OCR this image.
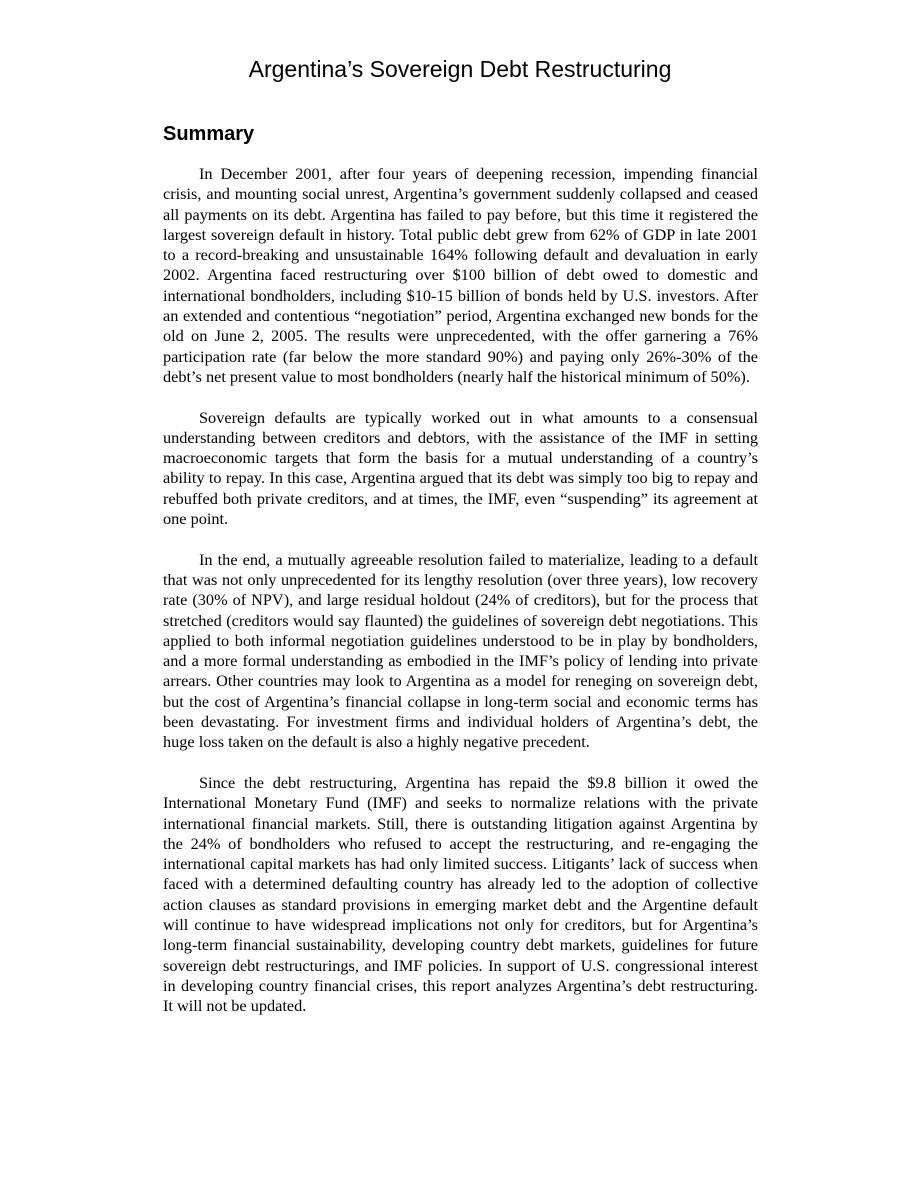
Argentina’s Sovereign Debt Restructuring
Summary

In December 2001, after four years of deepening recession, impending financial crisis, and mounting social unrest, Argentina’s government suddenly collapsed and ceased all payments on its debt. Argentina has failed to pay before, but this time it registered the largest sovereign default in history. Total public debt grew from 62% of GDP in late 2001 to a record-breaking and unsustainable 164% following default and devaluation in early 2002. Argentina faced restructuring over $100 billion of debt owed to domestic and international bondholders, including $10-15 billion of bonds held by U.S. investors. After an extended and contentious “negotiation” period, Argentina exchanged new bonds for the old on June 2, 2005. The results were unprecedented, with the offer garnering a 76% participation rate (far below the more standard 90%) and paying only 26%-30% of the debt’s net present value to most bondholders (nearly half the historical minimum of 50%).

Sovereign defaults are typically worked out in what amounts to a consensual understanding between creditors and debtors, with the assistance of the IMF in setting macroeconomic targets that form the basis for a mutual understanding of a country’s ability to repay. In this case, Argentina argued that its debt was simply too big to repay and rebuffed both private creditors, and at times, the IMF, even “suspending” its agreement at one point.

In the end, a mutually agreeable resolution failed to materialize, leading to a default that was not only unprecedented for its lengthy resolution (over three years), low recovery rate (30% of NPV), and large residual holdout (24% of creditors), but for the process that stretched (creditors would say flaunted) the guidelines of sovereign debt negotiations. This applied to both informal negotiation guidelines understood to be in play by bondholders, and a more formal understanding as embodied in the IMF’s policy of lending into private arrears. Other countries may look to Argentina as a model for reneging on sovereign debt, but the cost of Argentina’s financial collapse in long-term social and economic terms has been devastating. For investment firms and individual holders of Argentina’s debt, the huge loss taken on the default is also a highly negative precedent.

Since the debt restructuring, Argentina has repaid the $9.8 billion it owed the International Monetary Fund (IMF) and seeks to normalize relations with the private international financial markets. Still, there is outstanding litigation against Argentina by the 24% of bondholders who refused to accept the restructuring, and re-engaging the international capital markets has had only limited success. Litigants’ lack of success when faced with a determined defaulting country has already led to the adoption of collective action clauses as standard provisions in emerging market debt and the Argentine default will continue to have widespread implications not only for creditors, but for Argentina’s long-term financial sustainability, developing country debt markets, guidelines for future sovereign debt restructurings, and IMF policies. In support of U.S. congressional interest in developing country financial crises, this report analyzes Argentina’s debt restructuring. It will not be updated.
